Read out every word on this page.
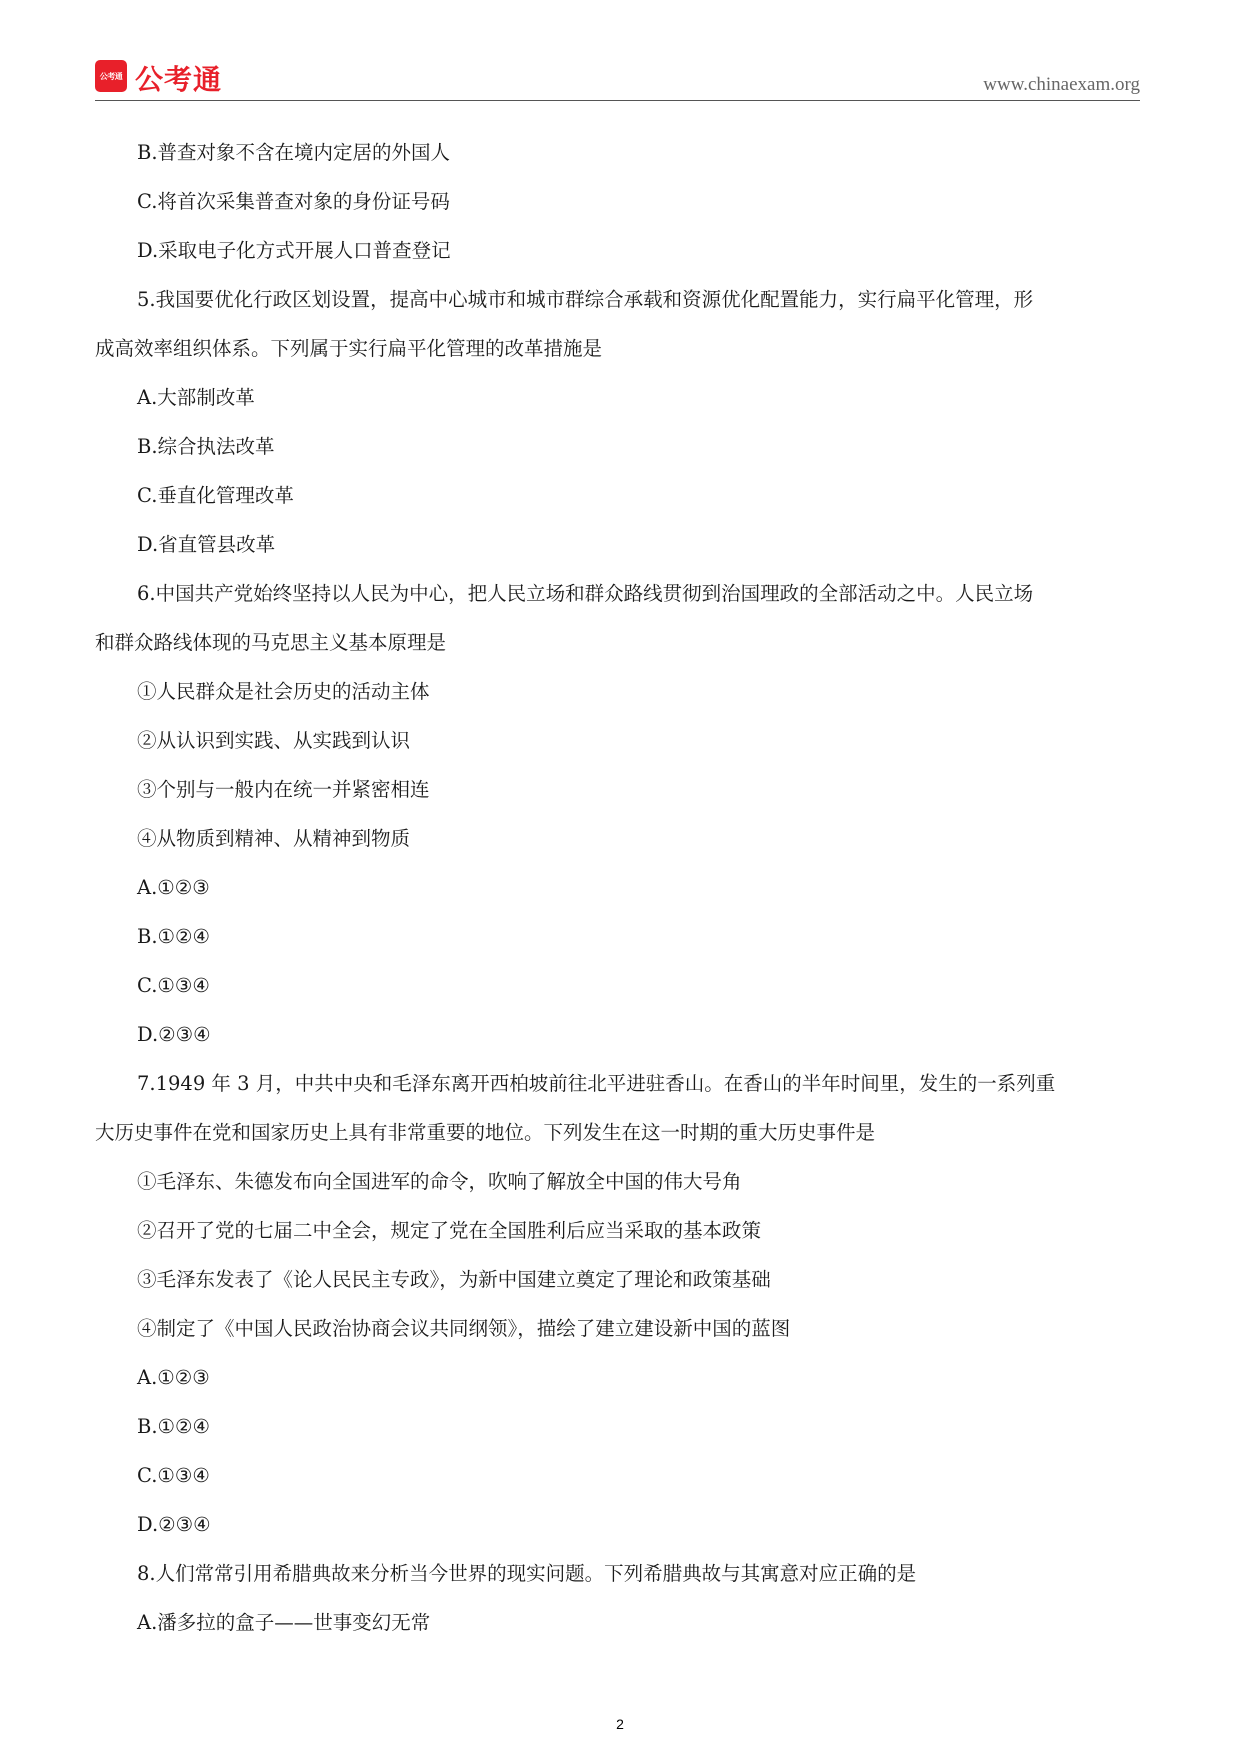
公考通 公考通	www.chinaexam.org
B.普查对象不含在境内定居的外国人
C.将首次采集普查对象的身份证号码
D.采取电子化方式开展人口普查登记
5.我国要优化行政区划设置，提高中心城市和城市群综合承载和资源优化配置能力，实行扁平化管理，形
成高效率组织体系。下列属于实行扁平化管理的改革措施是
A.大部制改革
B.综合执法改革
C.垂直化管理改革
D.省直管县改革
6.中国共产党始终坚持以人民为中心，把人民立场和群众路线贯彻到治国理政的全部活动之中。人民立场
和群众路线体现的马克思主义基本原理是
①人民群众是社会历史的活动主体
②从认识到实践、从实践到认识
③个别与一般内在统一并紧密相连
④从物质到精神、从精神到物质
A.①②③
B.①②④
C.①③④
D.②③④
7.1949 年 3 月，中共中央和毛泽东离开西柏坡前往北平进驻香山。在香山的半年时间里，发生的一系列重
大历史事件在党和国家历史上具有非常重要的地位。下列发生在这一时期的重大历史事件是
①毛泽东、朱德发布向全国进军的命令，吹响了解放全中国的伟大号角
②召开了党的七届二中全会，规定了党在全国胜利后应当采取的基本政策
③毛泽东发表了《论人民民主专政》，为新中国建立奠定了理论和政策基础
④制定了《中国人民政治协商会议共同纲领》，描绘了建立建设新中国的蓝图
A.①②③
B.①②④
C.①③④
D.②③④
8.人们常常引用希腊典故来分析当今世界的现实问题。下列希腊典故与其寓意对应正确的是
A.潘多拉的盒子——世事变幻无常
2
